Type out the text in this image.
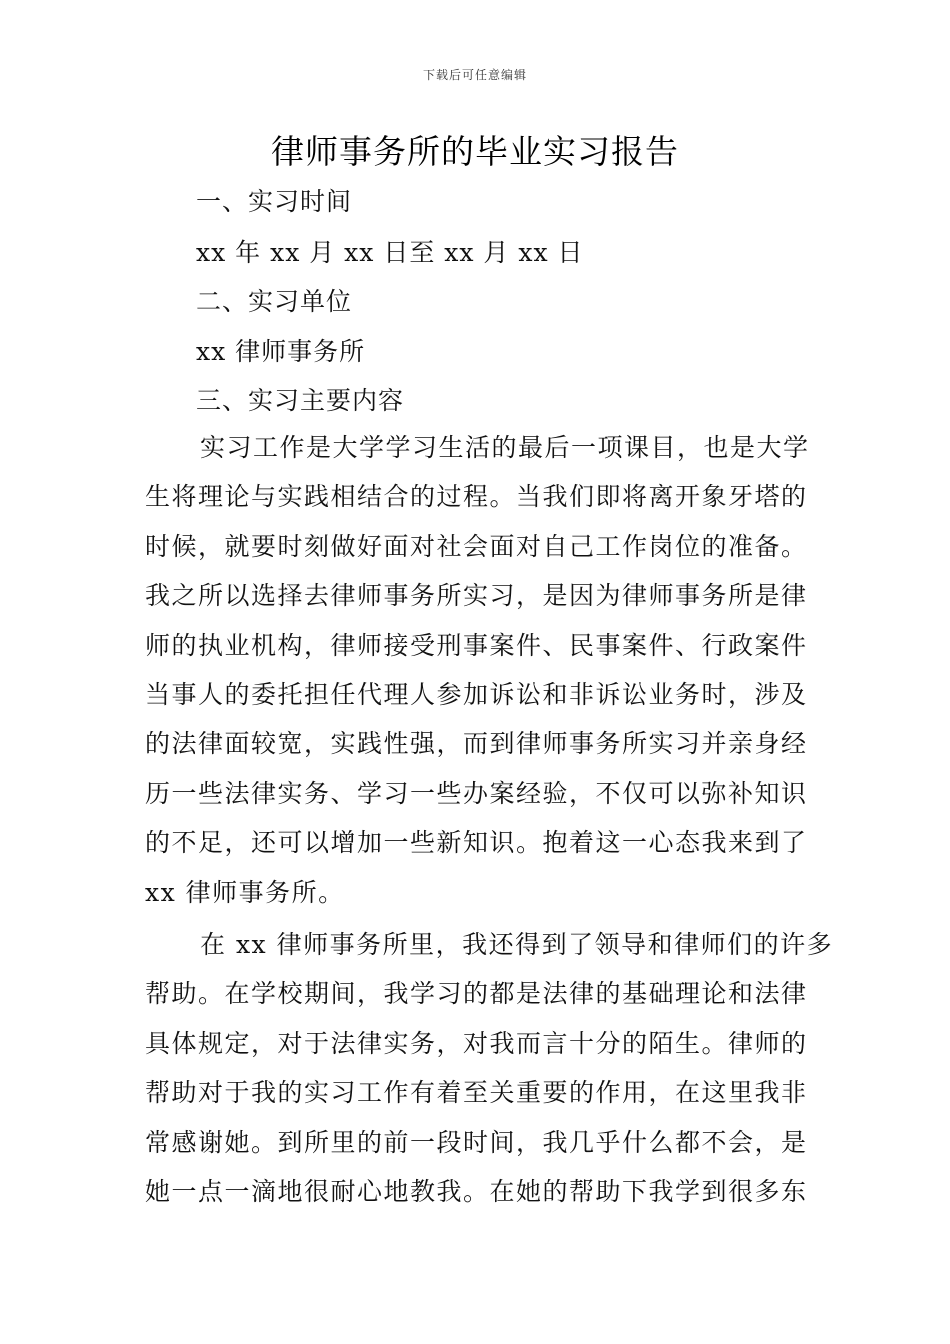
下载后可任意编辑
律师事务所的毕业实习报告
一、实习时间
xx 年 xx 月 xx 日至 xx 月 xx 日
二、实习单位
xx 律师事务所
三、实习主要内容
实习工作是大学学习生活的最后一项课目，也是大学
生将理论与实践相结合的过程。当我们即将离开象牙塔的
时候，就要时刻做好面对社会面对自己工作岗位的准备。
我之所以选择去律师事务所实习，是因为律师事务所是律
师的执业机构，律师接受刑事案件、民事案件、行政案件
当事人的委托担任代理人参加诉讼和非诉讼业务时，涉及
的法律面较宽，实践性强，而到律师事务所实习并亲身经
历一些法律实务、学习一些办案经验，不仅可以弥补知识
的不足，还可以增加一些新知识。抱着这一心态我来到了
xx 律师事务所。
在 xx 律师事务所里，我还得到了领导和律师们的许多
帮助。在学校期间，我学习的都是法律的基础理论和法律
具体规定，对于法律实务，对我而言十分的陌生。律师的
帮助对于我的实习工作有着至关重要的作用，在这里我非
常感谢她。到所里的前一段时间，我几乎什么都不会，是
她一点一滴地很耐心地教我。在她的帮助下我学到很多东
